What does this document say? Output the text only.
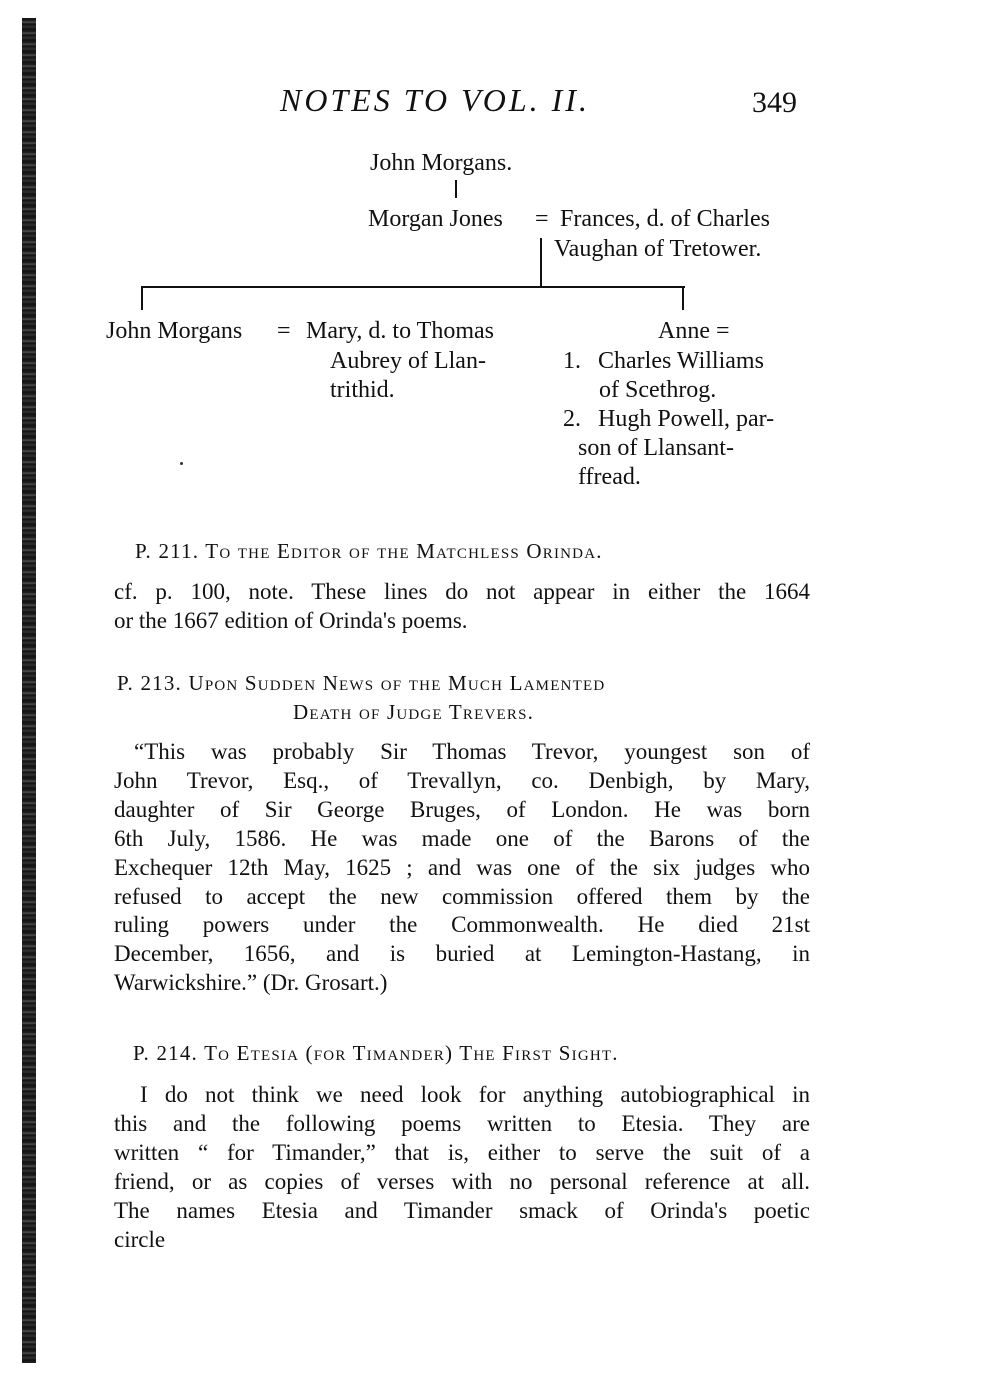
NOTES TO VOL. II.	349
John Morgans.
Morgan Jones = Frances, d. of Charles
Vaughan of Tretower.
John Morgans = Mary, d. to Thomas
Aubrey of Llan-
trithid.
Anne =
1. Charles Williams
of Scethrog.
2. Hugh Powell, par-
son of Llansant-
ffread.
P. 211. To the Editor of the Matchless Orinda.
cf. p. 100, note. These lines do not appear in either the 1664
or the 1667 edition of Orinda's poems.
P. 213. Upon Sudden News of the Much Lamented
Death of Judge Trevers.
“This was probably Sir Thomas Trevor, youngest son of
John Trevor, Esq., of Trevallyn, co. Denbigh, by Mary,
daughter of Sir George Bruges, of London. He was born
6th July, 1586. He was made one of the Barons of the
Exchequer 12th May, 1625 ; and was one of the six judges who
refused to accept the new commission offered them by the
ruling powers under the Commonwealth. He died 21st
December, 1656, and is buried at Lemington-Hastang, in
Warwickshire.” (Dr. Grosart.)
P. 214. To Etesia (for Timander) The First Sight.
I do not think we need look for anything autobiographical in
this and the following poems written to Etesia. They are
written “ for Timander,” that is, either to serve the suit of a
friend, or as copies of verses with no personal reference at all.
The names Etesia and Timander smack of Orinda's poetic
circle
